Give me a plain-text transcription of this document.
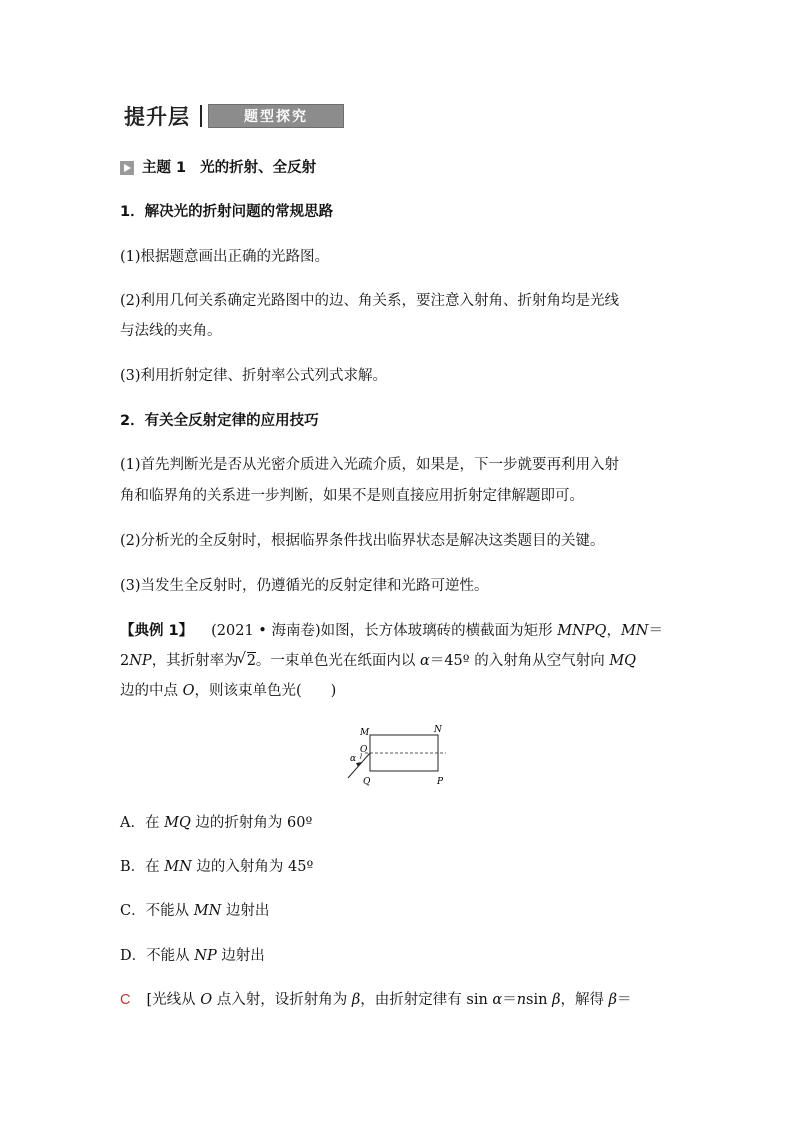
提升层	题型探究
主题 1 光的折射、全反射
1．解决光的折射问题的常规思路
(1)根据题意画出正确的光路图。
(2)利用几何关系确定光路图中的边、角关系，要注意入射角、折射角均是光线
与法线的夹角。
(3)利用折射定律、折射率公式列式求解。
2．有关全反射定律的应用技巧
(1)首先判断光是否从光密介质进入光疏介质，如果是，下一步就要再利用入射
角和临界角的关系进一步判断，如果不是则直接应用折射定律解题即可。
(2)分析光的全反射时，根据临界条件找出临界状态是解决这类题目的关键。
(3)当发生全反射时，仍遵循光的反射定律和光路可逆性。
【典例 1】 (2021 • 海南卷)如图，长方体玻璃砖的横截面为矩形 MNPQ，MN＝
2NP，其折射率为√ 2。一束单色光在纸面内以 α＝45º 的入射角从空气射向 MQ
边的中点 O，则该束单色光(　　)
M	N
O
α
Q	P
A．在 MQ 边的折射角为 60º
B．在 MN 边的入射角为 45º
C．不能从 MN 边射出
D．不能从 NP 边射出
C [光线从 O 点入射，设折射角为 β，由折射定律有 sin α＝nsin β，解得 β＝
